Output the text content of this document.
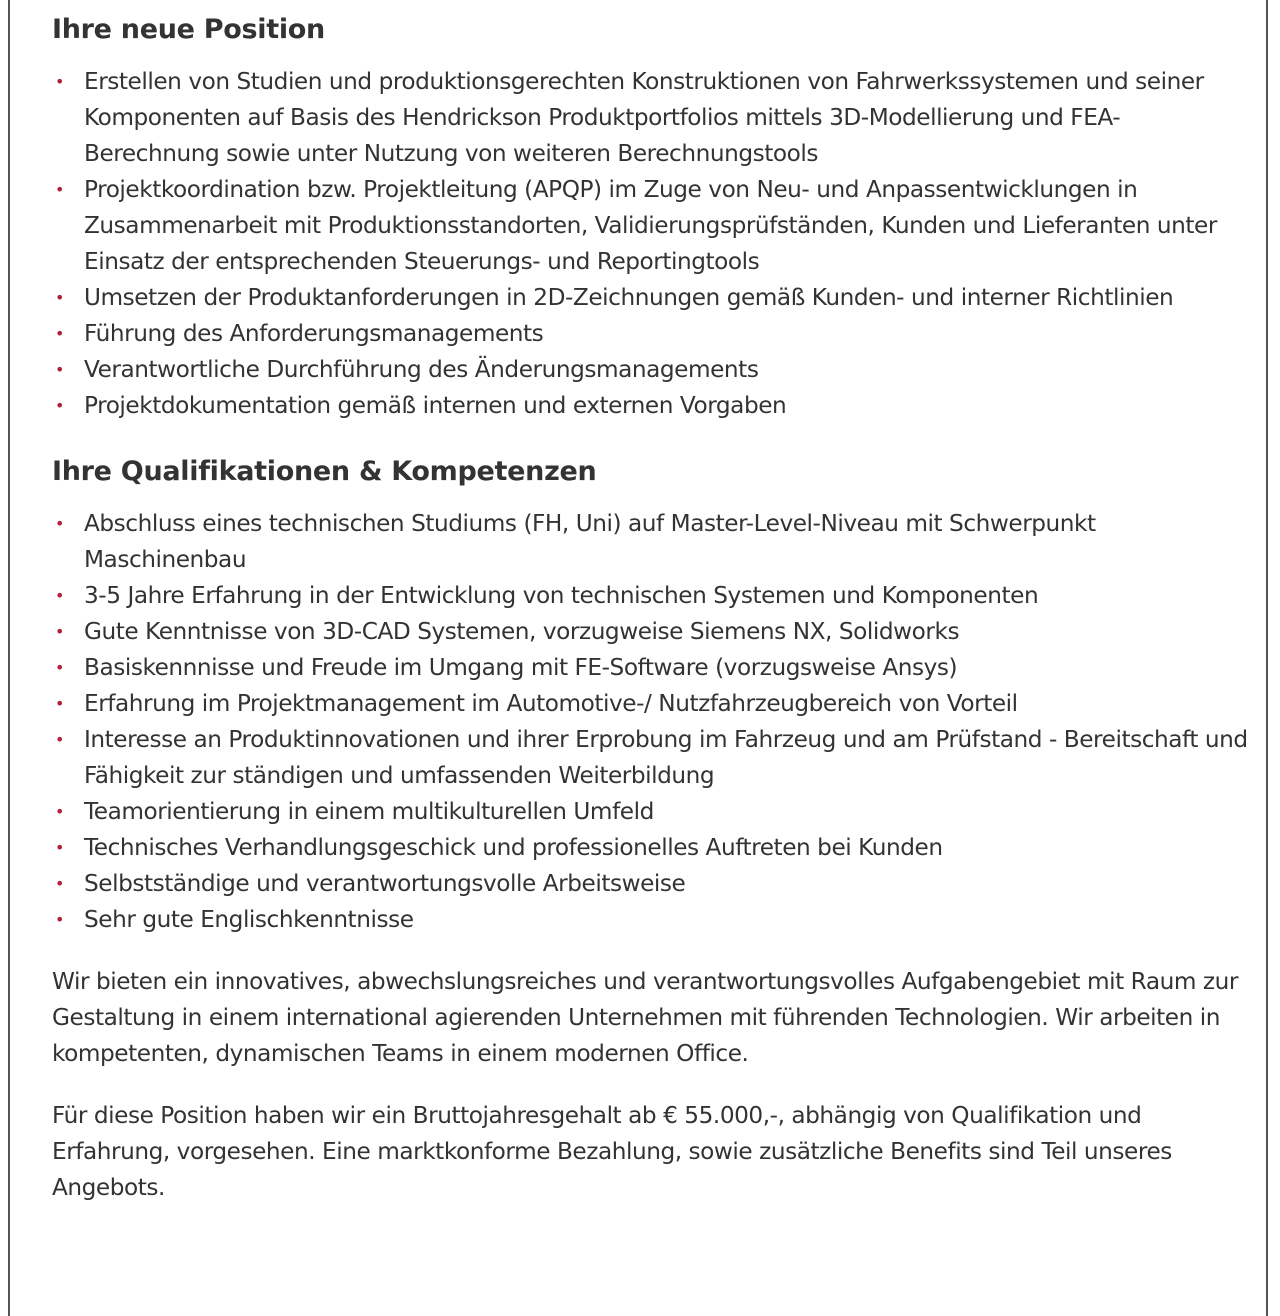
Ihre neue Position
• Erstellen von Studien und produktionsgerechten Konstruktionen von Fahrwerkssystemen und seiner Komponenten auf Basis des Hendrickson Produktportfolios mittels 3D-Modellierung und FEA-Berechnung sowie unter Nutzung von weiteren Berechnungstools
• Projektkoordination bzw. Projektleitung (APQP) im Zuge von Neu- und Anpassentwicklungen in Zusammenarbeit mit Produktionsstandorten, Validierungsprüfständen, Kunden und Lieferanten unter Einsatz der entsprechenden Steuerungs- und Reportingtools
• Umsetzen der Produktanforderungen in 2D-Zeichnungen gemäß Kunden- und interner Richtlinien
• Führung des Anforderungsmanagements
• Verantwortliche Durchführung des Änderungsmanagements
• Projektdokumentation gemäß internen und externen Vorgaben
Ihre Qualifikationen & Kompetenzen
• Abschluss eines technischen Studiums (FH, Uni) auf Master-Level-Niveau mit Schwerpunkt Maschinenbau
• 3-5 Jahre Erfahrung in der Entwicklung von technischen Systemen und Komponenten
• Gute Kenntnisse von 3D-CAD Systemen, vorzugweise Siemens NX, Solidworks
• Basiskennnisse und Freude im Umgang mit FE-Software (vorzugsweise Ansys)
• Erfahrung im Projektmanagement im Automotive-/ Nutzfahrzeugbereich von Vorteil
• Interesse an Produktinnovationen und ihrer Erprobung im Fahrzeug und am Prüfstand - Bereitschaft und Fähigkeit zur ständigen und umfassenden Weiterbildung
• Teamorientierung in einem multikulturellen Umfeld
• Technisches Verhandlungsgeschick und professionelles Auftreten bei Kunden
• Selbstständige und verantwortungsvolle Arbeitsweise
• Sehr gute Englischkenntnisse

Wir bieten ein innovatives, abwechslungsreiches und verantwortungsvolles Aufgabengebiet mit Raum zur Gestaltung in einem international agierenden Unternehmen mit führenden Technologien. Wir arbeiten in kompetenten, dynamischen Teams in einem modernen Office.

Für diese Position haben wir ein Bruttojahresgehalt ab € 55.000,-, abhängig von Qualifikation und Erfahrung, vorgesehen. Eine marktkonforme Bezahlung, sowie zusätzliche Benefits sind Teil unseres Angebots.
